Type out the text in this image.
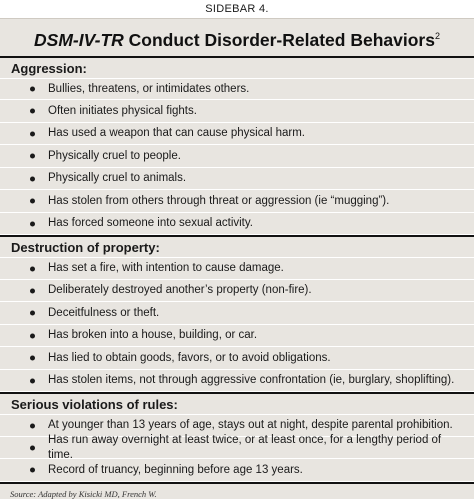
SIDEBAR 4.
DSM-IV-TR Conduct Disorder-Related Behaviors$^2$
Aggression:
Bullies, threatens, or intimidates others.
Often initiates physical fights.
Has used a weapon that can cause physical harm.
Physically cruel to people.
Physically cruel to animals.
Has stolen from others through threat or aggression (ie “mugging”).
Has forced someone into sexual activity.
Destruction of property:
Has set a fire, with intention to cause damage.
Deliberately destroyed another’s property (non-fire).
Deceitfulness or theft.
Has broken into a house, building, or car.
Has lied to obtain goods, favors, or to avoid obligations.
Has stolen items, not through aggressive confrontation (ie, burglary, shoplifting).
Serious violations of rules:
At younger than 13 years of age, stays out at night, despite parental prohibition.
Has run away overnight at least twice, or at least once, for a lengthy period of time.
Record of truancy, beginning before age 13 years.
Source: Adapted by Kisicki MD, French W.
